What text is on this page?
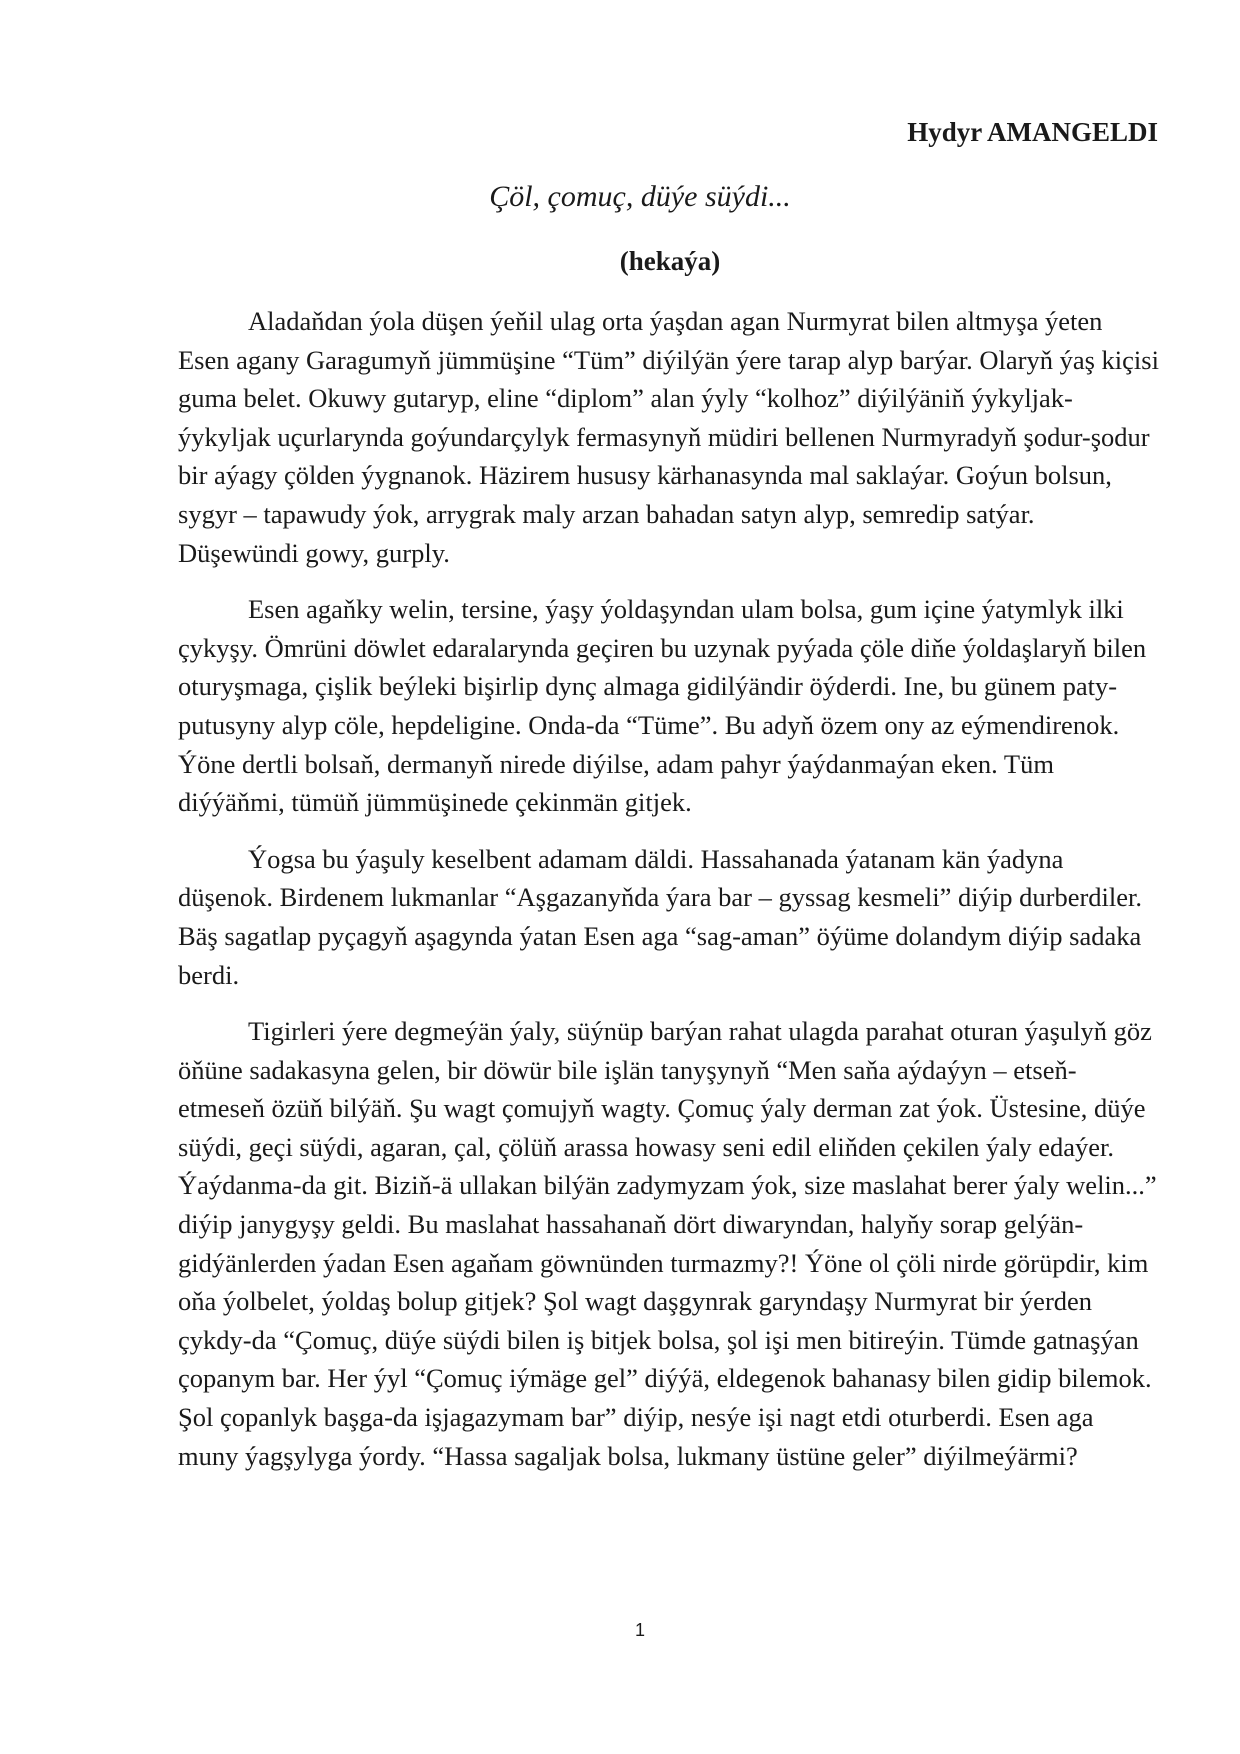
Hydyr AMANGELDI

Çöl, çomuç, düýe süýdi...

(hekaýa)

Aladaňdan ýola düşen ýeňil ulag orta ýaşdan agan Nurmyrat bilen altmyşa ýeten Esen agany Garagumyň jümmüşine “Tüm” diýilýän ýere tarap alyp barýar. Olaryň ýaş kiçisi guma belet. Okuwy gutaryp, eline “diplom” alan ýyly “kolhoz” diýilýäniň ýykyljak-ýykyljak uçurlarynda goýundarçylyk fermasynyň müdiri bellenen Nurmyradyň şodur-şodur bir aýagy çölden ýygnanok. Häzirem hususy kärhanasynda mal saklaýar. Goýun bolsun, sygyr – tapawudy ýok, arrygrak maly arzan bahadan satyn alyp, semredip satýar. Düşewündi gowy, gurply.

Esen agaňky welin, tersine, ýaşy ýoldaşyndan ulam bolsa, gum içine ýatymlyk ilki çykyşy. Ömrüni döwlet edaralarynda geçiren bu uzynak pyýada çöle diňe ýoldaşlaryň bilen oturyşmaga, çişlik beýleki bişirlip dynç almaga gidilýändir öýderdi. Ine, bu günem paty-putusyny alyp cöle, hepdeligine. Onda-da “Tüme”. Bu adyň özem ony az eýmendirenok. Ýöne dertli bolsaň, dermanyň nirede diýilse, adam pahyr ýaýdanmaýan eken. Tüm diýýäňmi, tümüň jümmüşinede çekinmän gitjek.

Ýogsa bu ýaşuly keselbent adamam däldi. Hassahanada ýatanam kän ýadyna düşenok. Birdenem lukmanlar “Aşgazanyňda ýara bar – gyssag kesmeli” diýip durberdiler. Bäş sagatlap pyçagyň aşagynda ýatan Esen aga “sag-aman” öýüme dolandym diýip sadaka berdi.

Tigirleri ýere degmeýän ýaly, süýnüp barýan rahat ulagda parahat oturan ýaşulyň göz öňüne sadakasyna gelen, bir döwür bile işlän tanyşynyň “Men saňa aýdaýyn – etseň-etmeseň özüň bilýäň. Şu wagt çomujyň wagty. Çomuç ýaly derman zat ýok. Üstesine, düýe süýdi, geçi süýdi, agaran, çal, çölüň arassa howasy seni edil eliňden çekilen ýaly edaýer. Ýaýdanma-da git. Biziň-ä ullakan bilýän zadymyzam ýok, size maslahat berer ýaly welin...” diýip janygyşy geldi. Bu maslahat hassahanaň dört diwaryndan, halyňy sorap gelýän-gidýänlerden ýadan Esen agaňam göwnünden turmazmy?! Ýöne ol çöli nirde görüpdir, kim oňa ýolbelet, ýoldaş bolup gitjek? Şol wagt daşgynrak garyndaşy Nurmyrat bir ýerden çykdy-da “Çomuç, düýe süýdi bilen iş bitjek bolsa, şol işi men bitireýin. Tümde gatnaşýan çopanym bar. Her ýyl “Çomuç iýmäge gel” diýýä, eldegenok bahanasy bilen gidip bilemok. Şol çopanlyk başga-da işjagazymam bar” diýip, nesýe işi nagt etdi oturberdi. Esen aga muny ýagşylyga ýordy. “Hassa sagaljak bolsa, lukmany üstüne geler” diýilmeýärmi?

1
